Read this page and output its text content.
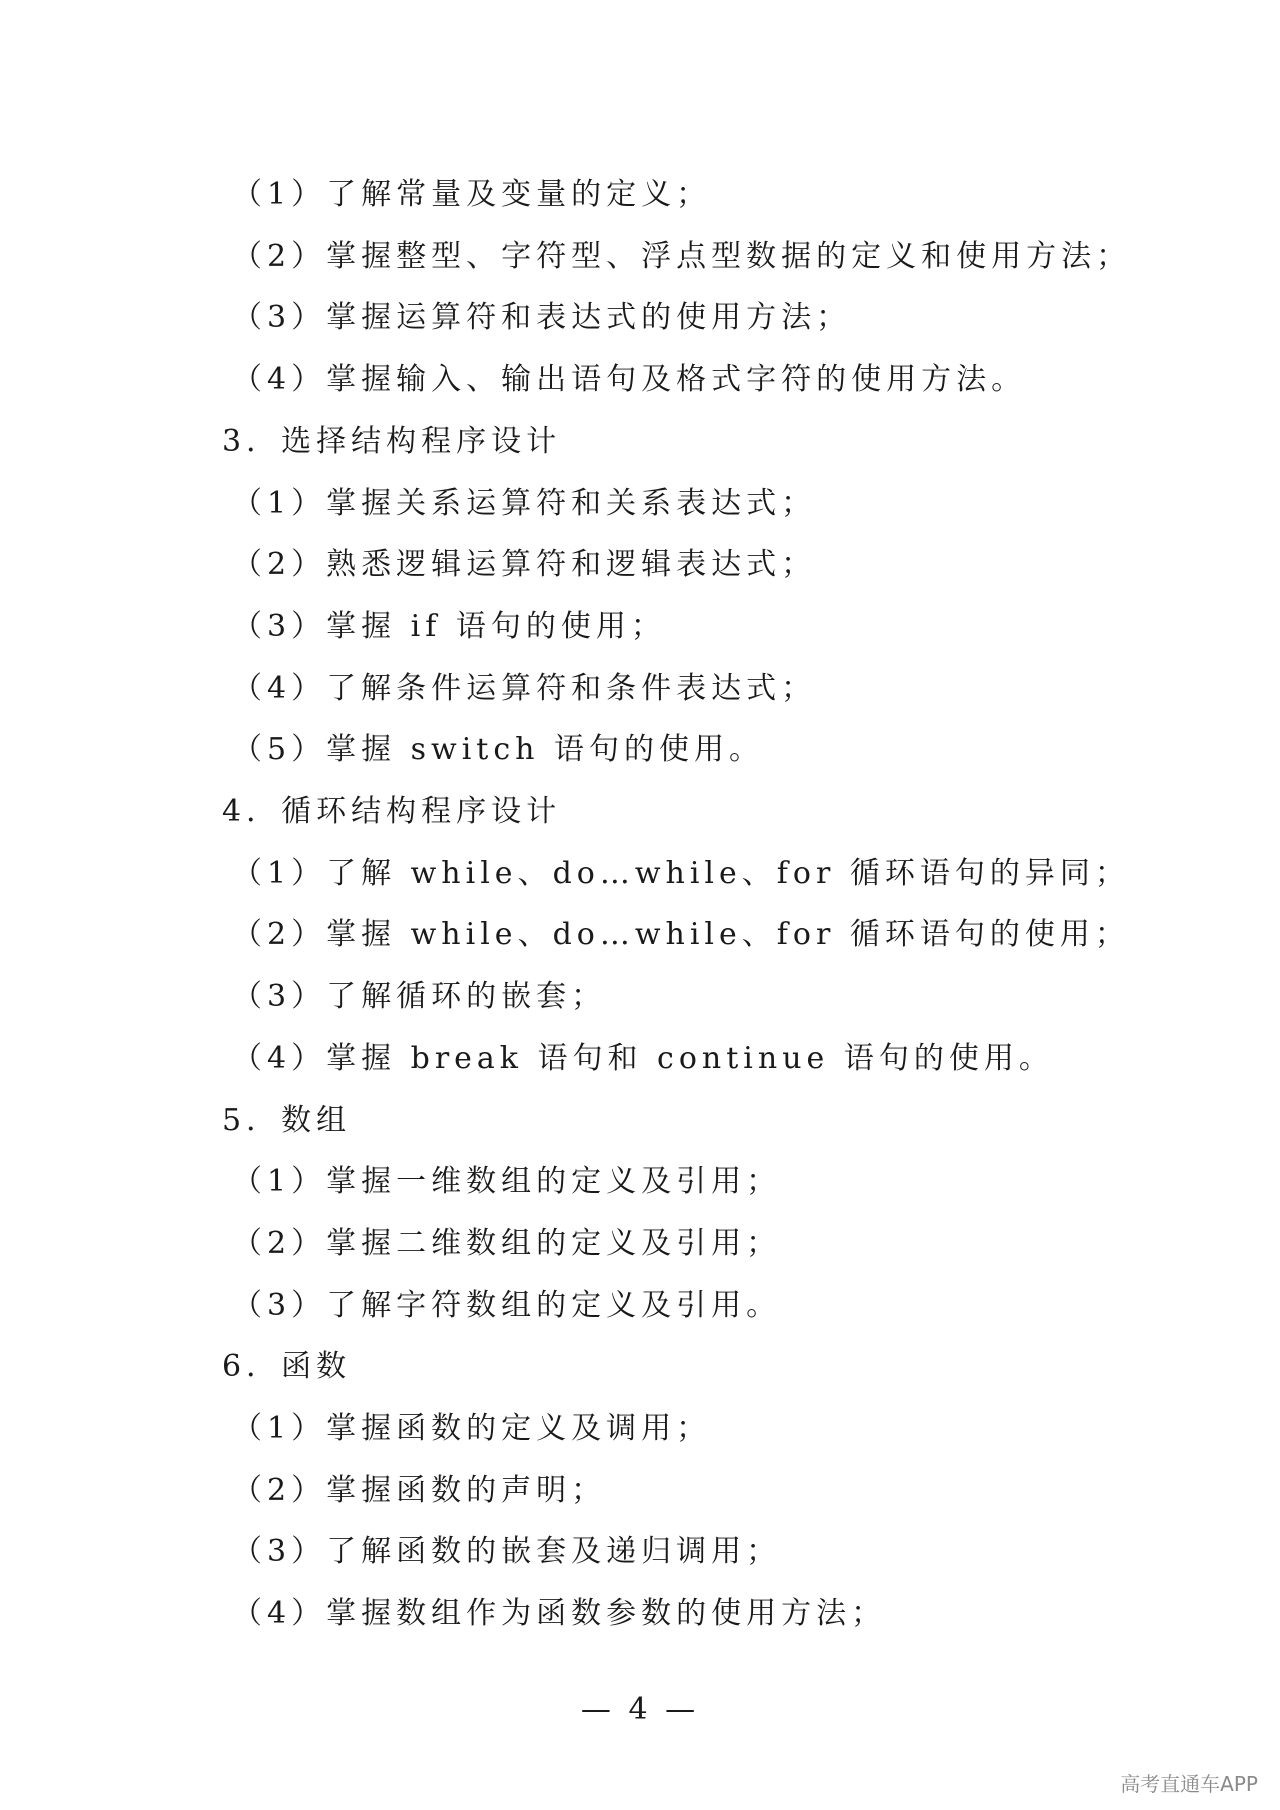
（1）了解常量及变量的定义；
（2）掌握整型、字符型、浮点型数据的定义和使用方法；
（3）掌握运算符和表达式的使用方法；
（4）掌握输入、输出语句及格式字符的使用方法。
3．选择结构程序设计
（1）掌握关系运算符和关系表达式；
（2）熟悉逻辑运算符和逻辑表达式；
（3）掌握 if 语句的使用；
（4）了解条件运算符和条件表达式；
（5）掌握 switch 语句的使用。
4．循环结构程序设计
（1）了解 while、do…while、for 循环语句的异同；
（2）掌握 while、do…while、for 循环语句的使用；
（3）了解循环的嵌套；
（4）掌握 break 语句和 continue 语句的使用。
5．数组
（1）掌握一维数组的定义及引用；
（2）掌握二维数组的定义及引用；
（3）了解字符数组的定义及引用。
6．函数
（1）掌握函数的定义及调用；
（2）掌握函数的声明；
（3）了解函数的嵌套及递归调用；
（4）掌握数组作为函数参数的使用方法；
— 4 —
高考直通车APP
